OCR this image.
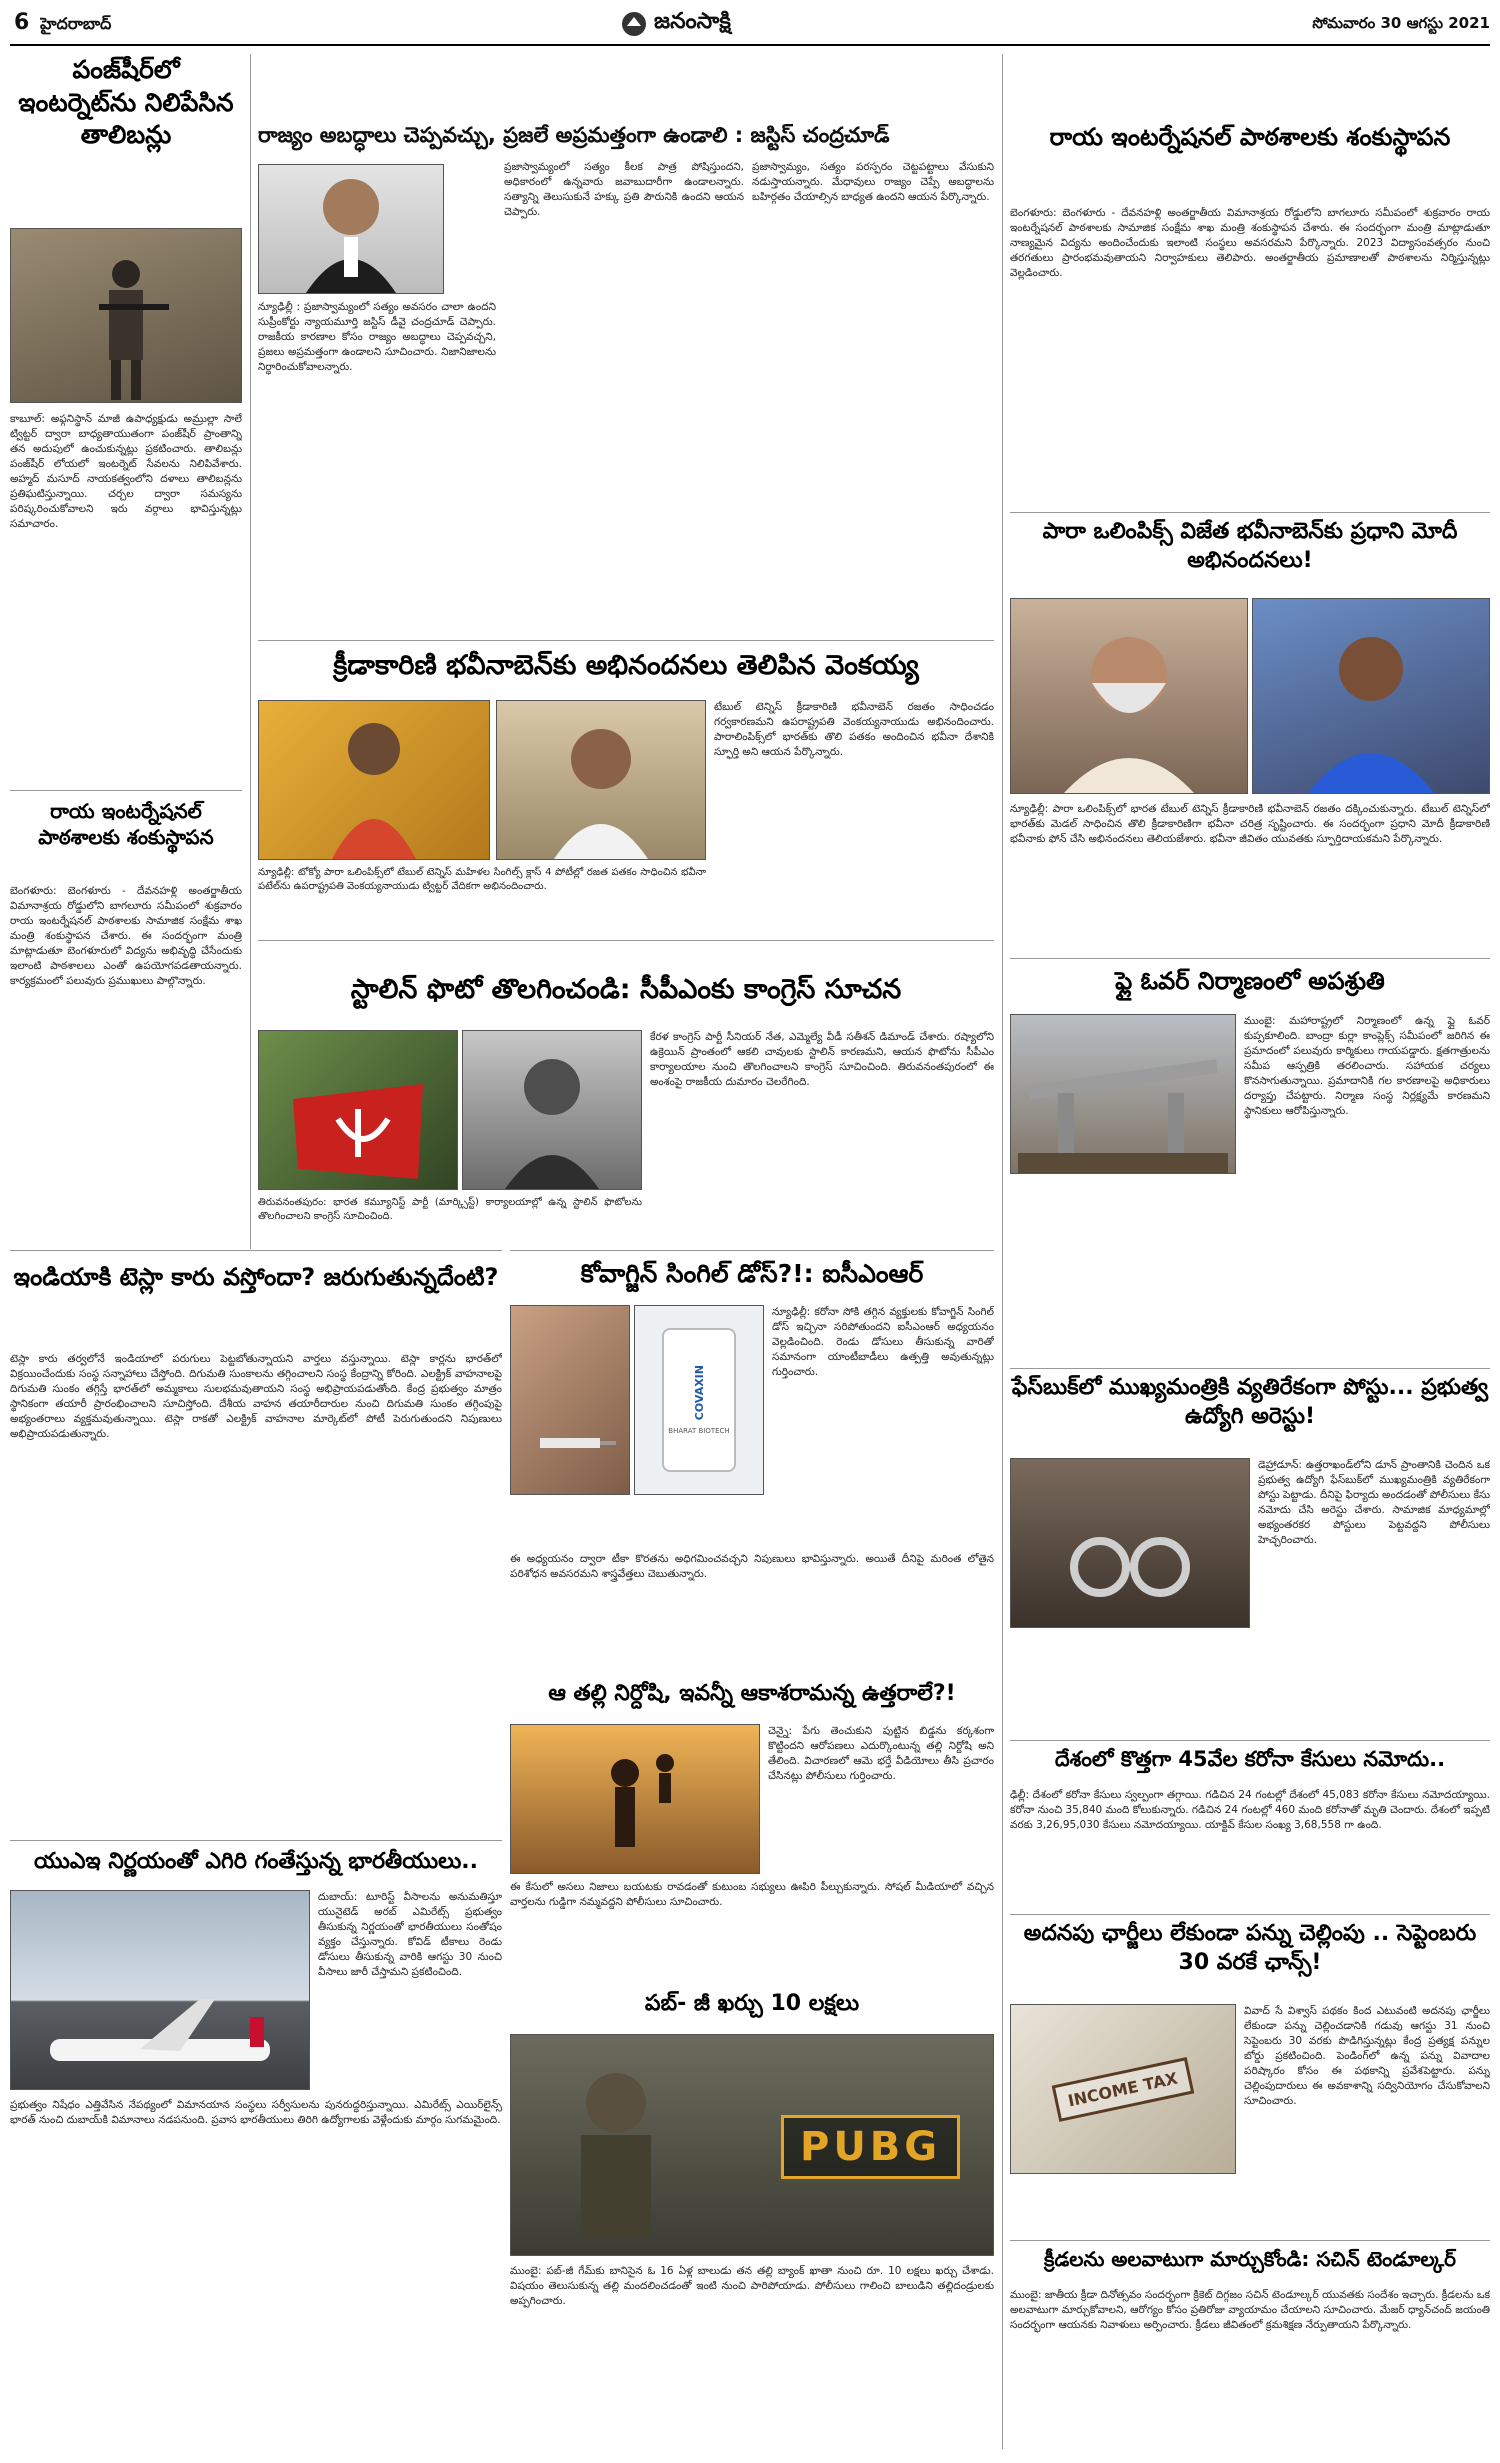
6 హైదరాబాద్	జనంసాక్షి	సోమవారం 30 ఆగస్టు 2021
పంజ్‌షీర్‌లో ఇంటర్నెట్‌ను నిలిపేసిన తాలిబన్లు
కాబూల్‌: అఫ్గనిస్థాన్‌ మాజీ ఉపాధ్యక్షుడు అమ్రుల్లా సాలే ట్విట్టర్‌ ద్వారా బాధ్యతాయుతంగా పంజ్‌షీర్‌ ప్రాంతాన్ని తన అదుపులో ఉంచుకున్నట్లు ప్రకటించారు. తాలిబన్లు పంజ్‌షీర్‌ లోయలో ఇంటర్నెట్‌ సేవలను నిలిపివేశారు. అహ్మద్‌ మసూద్‌ నాయకత్వంలోని దళాలు తాలిబన్లను ప్రతిఘటిస్తున్నాయి. చర్చల ద్వారా సమస్యను పరిష్కరించుకోవాలని ఇరు వర్గాలు భావిస్తున్నట్లు సమాచారం.
రాయ ఇంటర్నేషనల్‌ పాఠశాలకు శంకుస్థాపన
బెంగళూరు: బెంగళూరు - దేవనహళ్లి అంతర్జాతీయ విమానాశ్రయ రోడ్డులోని బాగలూరు సమీపంలో శుక్రవారం రాయ ఇంటర్నేషనల్‌ పాఠశాలకు సామాజిక సంక్షేమ శాఖ మంత్రి శంకుస్థాపన చేశారు. ఈ సందర్భంగా మంత్రి మాట్లాడుతూ బెంగళూరులో విద్యను అభివృద్ధి చేసేందుకు ఇలాంటి పాఠశాలలు ఎంతో ఉపయోగపడతాయన్నారు. కార్యక్రమంలో పలువురు ప్రముఖులు పాల్గొన్నారు.
రాజ్యం అబద్ధాలు చెప్పవచ్చు, ప్రజలే అప్రమత్తంగా ఉండాలి : జస్టిస్‌ చంద్రచూడ్‌
న్యూఢిల్లీ : ప్రజాస్వామ్యంలో సత్యం అవసరం చాలా ఉందని సుప్రీంకోర్టు న్యాయమూర్తి జస్టిస్‌ డీవై చంద్రచూడ్‌ చెప్పారు. రాజకీయ కారణాల కోసం రాజ్యం అబద్ధాలు చెప్పవచ్చని, ప్రజలు అప్రమత్తంగా ఉండాలని సూచించారు. నిజానిజాలను నిర్ధారించుకోవాలన్నారు.
ప్రజాస్వామ్యంలో సత్యం కీలక పాత్ర పోషిస్తుందని, అధికారంలో ఉన్నవారు జవాబుదారీగా ఉండాలన్నారు. సత్యాన్ని తెలుసుకునే హక్కు ప్రతి పౌరునికి ఉందని ఆయన చెప్పారు.
ప్రజాస్వామ్యం, సత్యం పరస్పరం చెట్టపట్టాలు వేసుకుని నడుస్తాయన్నారు. మేధావులు రాజ్యం చెప్పే అబద్ధాలను బహిర్గతం చేయాల్సిన బాధ్యత ఉందని ఆయన పేర్కొన్నారు.
క్రీడాకారిణి భవీనాబెన్‌కు అభినందనలు తెలిపిన వెంకయ్య
టేబుల్‌ టెన్నిస్‌ క్రీడాకారిణి భవీనాబెన్‌ రజతం సాధించడం గర్వకారణమని ఉపరాష్ట్రపతి వెంకయ్యనాయుడు అభినందించారు. పారాలింపిక్స్‌లో భారత్‌కు తొలి పతకం అందించిన భవీనా దేశానికి స్ఫూర్తి అని ఆయన పేర్కొన్నారు.
న్యూఢిల్లీ: టోక్యో పారా ఒలింపిక్స్‌లో టేబుల్‌ టెన్నిస్‌ మహిళల సింగిల్స్‌ క్లాస్‌ 4 పోటీల్లో రజత పతకం సాధించిన భవీనా పటేల్‌ను ఉపరాష్ట్రపతి వెంకయ్యనాయుడు ట్విట్టర్‌ వేదికగా అభినందించారు.
స్టాలిన్‌ ఫొటో తొలగించండి: సీపీఎంకు కాంగ్రెస్‌ సూచన
కేరళ కాంగ్రెస్‌ పార్టీ సీనియర్‌ నేత, ఎమ్మెల్యే వీడీ సతీశన్‌ డిమాండ్‌ చేశారు. రష్యాలోని ఉక్రెయిన్‌ ప్రాంతంలో ఆకలి చావులకు స్టాలిన్‌ కారణమని, ఆయన ఫొటోను సీపీఎం కార్యాలయాల నుంచి తొలగించాలని కాంగ్రెస్‌ సూచించింది. తిరువనంతపురంలో ఈ అంశంపై రాజకీయ దుమారం చెలరేగింది.
తిరువనంతపురం: భారత కమ్యూనిస్ట్‌ పార్టీ (మార్క్సిస్ట్‌) కార్యాలయాల్లో ఉన్న స్టాలిన్‌ ఫొటోలను తొలగించాలని కాంగ్రెస్‌ సూచించింది.
ఇండియాకి టెస్లా కారు వస్తోందా? జరుగుతున్నదేంటి?
టెస్లా కారు తర్వలోనే ఇండియాలో పరుగులు పెట్టబోతున్నాయని వార్తలు వస్తున్నాయి. టెస్లా కార్లను భారత్‌లో విక్రయించేందుకు సంస్థ సన్నాహాలు చేస్తోంది. దిగుమతి సుంకాలను తగ్గించాలని సంస్థ కేంద్రాన్ని కోరింది. ఎలక్ట్రిక్‌ వాహనాలపై దిగుమతి సుంకం తగ్గిస్తే భారత్‌లో అమ్మకాలు సులభమవుతాయని సంస్థ అభిప్రాయపడుతోంది. కేంద్ర ప్రభుత్వం మాత్రం స్థానికంగా తయారీ ప్రారంభించాలని సూచిస్తోంది. దేశీయ వాహన తయారీదారుల నుంచి దిగుమతి సుంకం తగ్గింపుపై అభ్యంతరాలు వ్యక్తమవుతున్నాయి. టెస్లా రాకతో ఎలక్ట్రిక్‌ వాహనాల మార్కెట్‌లో పోటీ పెరుగుతుందని నిపుణులు అభిప్రాయపడుతున్నారు.
యుఎఇ నిర్ణయంతో ఎగిరి గంతేస్తున్న భారతీయులు..
దుబాయ్‌: టూరిస్ట్‌ వీసాలను అనుమతిస్తూ యునైటెడ్‌ అరబ్‌ ఎమిరేట్స్‌ ప్రభుత్వం తీసుకున్న నిర్ణయంతో భారతీయులు సంతోషం వ్యక్తం చేస్తున్నారు. కోవిడ్‌ టీకాలు రెండు డోసులు తీసుకున్న వారికి ఆగస్టు 30 నుంచి వీసాలు జారీ చేస్తామని ప్రకటించింది.
ప్రభుత్వం నిషేధం ఎత్తివేసిన నేపథ్యంలో విమానయాన సంస్థలు సర్వీసులను పునరుద్ధరిస్తున్నాయి. ఎమిరేట్స్‌ ఎయిర్‌లైన్స్‌ భారత్‌ నుంచి దుబాయ్‌కి విమానాలు నడపనుంది. ప్రవాస భారతీయులు తిరిగి ఉద్యోగాలకు వెళ్లేందుకు మార్గం సుగమమైంది.
కోవాగ్జిన్‌ సింగిల్‌ డోస్‌?!: ఐసీఎంఆర్‌
COVAXIN
BHARAT BIOTECH
న్యూఢిల్లీ: కరోనా సోకి తగ్గిన వ్యక్తులకు కోవాగ్జిన్‌ సింగిల్‌ డోస్‌ ఇచ్చినా సరిపోతుందని ఐసీఎంఆర్‌ అధ్యయనం వెల్లడించింది. రెండు డోసులు తీసుకున్న వారితో సమానంగా యాంటీబాడీలు ఉత్పత్తి అవుతున్నట్లు గుర్తించారు.
ఈ అధ్యయనం ద్వారా టీకా కొరతను అధిగమించవచ్చని నిపుణులు భావిస్తున్నారు. అయితే దీనిపై మరింత లోతైన పరిశోధన అవసరమని శాస్త్రవేత్తలు చెబుతున్నారు.
ఆ తల్లి నిర్దోషి, ఇవన్నీ ఆకాశరామన్న ఉత్తరాలే?!
చెన్నై: పేగు తెంచుకుని పుట్టిన బిడ్డను కర్కశంగా కొట్టిందని ఆరోపణలు ఎదుర్కొంటున్న తల్లి నిర్దోషి అని తేలింది. విచారణలో ఆమె భర్తే వీడియోలు తీసి ప్రచారం చేసినట్లు పోలీసులు గుర్తించారు.
ఈ కేసులో అసలు నిజాలు బయటకు రావడంతో కుటుంబ సభ్యులు ఊపిరి పీల్చుకున్నారు. సోషల్‌ మీడియాలో వచ్చిన వార్తలను గుడ్డిగా నమ్మవద్దని పోలీసులు సూచించారు.
పబ్‌- జీ ఖర్చు 10 లక్షలు
PUBG
ముంబై: పబ్‌-జీ గేమ్‌కు బానిసైన ఓ 16 ఏళ్ల బాలుడు తన తల్లి బ్యాంక్‌ ఖాతా నుంచి రూ. 10 లక్షలు ఖర్చు చేశాడు. విషయం తెలుసుకున్న తల్లి మందలించడంతో ఇంటి నుంచి పారిపోయాడు. పోలీసులు గాలించి బాలుడిని తల్లిదండ్రులకు అప్పగించారు.
రాయ ఇంటర్నేషనల్‌ పాఠశాలకు శంకుస్థాపన
బెంగళూరు: బెంగళూరు - దేవనహళ్లి అంతర్జాతీయ విమానాశ్రయ రోడ్డులోని బాగలూరు సమీపంలో శుక్రవారం రాయ ఇంటర్నేషనల్‌ పాఠశాలకు సామాజిక సంక్షేమ శాఖ మంత్రి శంకుస్థాపన చేశారు. ఈ సందర్భంగా మంత్రి మాట్లాడుతూ నాణ్యమైన విద్యను అందించేందుకు ఇలాంటి సంస్థలు అవసరమని పేర్కొన్నారు. 2023 విద్యాసంవత్సరం నుంచి తరగతులు ప్రారంభమవుతాయని నిర్వాహకులు తెలిపారు. అంతర్జాతీయ ప్రమాణాలతో పాఠశాలను నిర్మిస్తున్నట్లు వెల్లడించారు.
పారా ఒలింపిక్స్‌ విజేత భవీనాబెన్‌కు ప్రధాని మోదీ అభినందనలు!
న్యూఢిల్లీ: పారా ఒలింపిక్స్‌లో భారత టేబుల్‌ టెన్నిస్‌ క్రీడాకారిణి భవీనాబెన్‌ రజతం దక్కించుకున్నారు. టేబుల్‌ టెన్నిస్‌లో భారత్‌కు మెడల్‌ సాధించిన తొలి క్రీడాకారిణిగా భవీనా చరిత్ర సృష్టించారు. ఈ సందర్భంగా ప్రధాని మోదీ క్రీడాకారిణి భవీనాకు ఫోన్‌ చేసి అభినందనలు తెలియజేశారు. భవీనా జీవితం యువతకు స్ఫూర్తిదాయకమని పేర్కొన్నారు.
ఫ్లై ఓవర్‌ నిర్మాణంలో అపశ్రుతి
ముంబై: మహారాష్ట్రలో నిర్మాణంలో ఉన్న ఫ్లై ఓవర్‌ కుప్పకూలింది. బాంద్రా కుర్లా కాంప్లెక్స్‌ సమీపంలో జరిగిన ఈ ప్రమాదంలో పలువురు కార్మికులు గాయపడ్డారు. క్షతగాత్రులను సమీప ఆస్పత్రికి తరలించారు. సహాయక చర్యలు కొనసాగుతున్నాయి. ప్రమాదానికి గల కారణాలపై అధికారులు దర్యాప్తు చేపట్టారు. నిర్మాణ సంస్థ నిర్లక్ష్యమే కారణమని స్థానికులు ఆరోపిస్తున్నారు.
ఫేస్‌బుక్‌లో ముఖ్యమంత్రికి వ్యతిరేకంగా పోస్టు... ప్రభుత్వ ఉద్యోగి అరెస్టు!
డెహ్రాడూన్‌: ఉత్తరాఖండ్‌లోని డూన్‌ ప్రాంతానికి చెందిన ఒక ప్రభుత్వ ఉద్యోగి ఫేస్‌బుక్‌లో ముఖ్యమంత్రికి వ్యతిరేకంగా పోస్టు పెట్టాడు. దీనిపై ఫిర్యాదు అందడంతో పోలీసులు కేసు నమోదు చేసి అరెస్టు చేశారు. సామాజిక మాధ్యమాల్లో అభ్యంతరకర పోస్టులు పెట్టవద్దని పోలీసులు హెచ్చరించారు.
దేశంలో కొత్తగా 45వేల కరోనా కేసులు నమోదు..
ఢిల్లీ: దేశంలో కరోనా కేసులు స్వల్పంగా తగ్గాయి. గడిచిన 24 గంటల్లో దేశంలో 45,083 కరోనా కేసులు నమోదయ్యాయి. కరోనా నుంచి 35,840 మంది కోలుకున్నారు. గడిచిన 24 గంటల్లో 460 మంది కరోనాతో మృతి చెందారు. దేశంలో ఇప్పటి వరకు 3,26,95,030 కేసులు నమోదయ్యాయి. యాక్టివ్‌ కేసుల సంఖ్య 3,68,558 గా ఉంది.
అదనపు ఛార్జీలు లేకుండా పన్ను చెల్లింపు .. సెప్టెంబరు 30 వరకే ఛాన్స్‌!
INCOME TAX
వివాద్‌ సే విశ్వాస్‌ పథకం కింద ఎటువంటి అదనపు ఛార్జీలు లేకుండా పన్ను చెల్లించడానికి గడువు ఆగస్టు 31 నుంచి సెప్టెంబరు 30 వరకు పొడిగిస్తున్నట్లు కేంద్ర ప్రత్యక్ష పన్నుల బోర్డు ప్రకటించింది. పెండింగ్‌లో ఉన్న పన్ను వివాదాల పరిష్కారం కోసం ఈ పథకాన్ని ప్రవేశపెట్టారు. పన్ను చెల్లింపుదారులు ఈ అవకాశాన్ని సద్వినియోగం చేసుకోవాలని సూచించారు.
క్రీడలను అలవాటుగా మార్చుకోండి: సచిన్‌ టెండూల్కర్‌
ముంబై: జాతీయ క్రీడా దినోత్సవం సందర్భంగా క్రికెట్‌ దిగ్గజం సచిన్‌ టెండూల్కర్‌ యువతకు సందేశం ఇచ్చారు. క్రీడలను ఒక అలవాటుగా మార్చుకోవాలని, ఆరోగ్యం కోసం ప్రతిరోజు వ్యాయామం చేయాలని సూచించారు. మేజర్‌ ధ్యాన్‌చంద్‌ జయంతి సందర్భంగా ఆయనకు నివాళులు అర్పించారు. క్రీడలు జీవితంలో క్రమశిక్షణ నేర్పుతాయని పేర్కొన్నారు.
